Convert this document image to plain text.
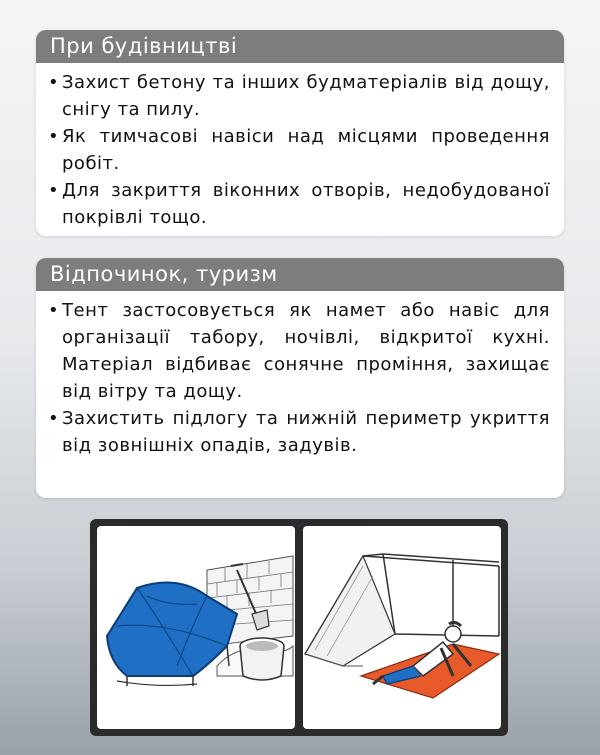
При будівництві
• Захист бетону та інших будматеріалів від дощу, снігу та пилу.
• Як тимчасові навіси над місцями проведення робіт.
• Для закриття віконних отворів, недобудованої покрівлі тощо.
Відпочинок, туризм
• Тент застосовується як намет або навіс для організації табору, ночівлі, відкритої кухні. Матеріал відбиває сонячне проміння, захищає від вітру та дощу.
• Захистить підлогу та нижній периметр укриття від зовнішніх опадів, задувів.
